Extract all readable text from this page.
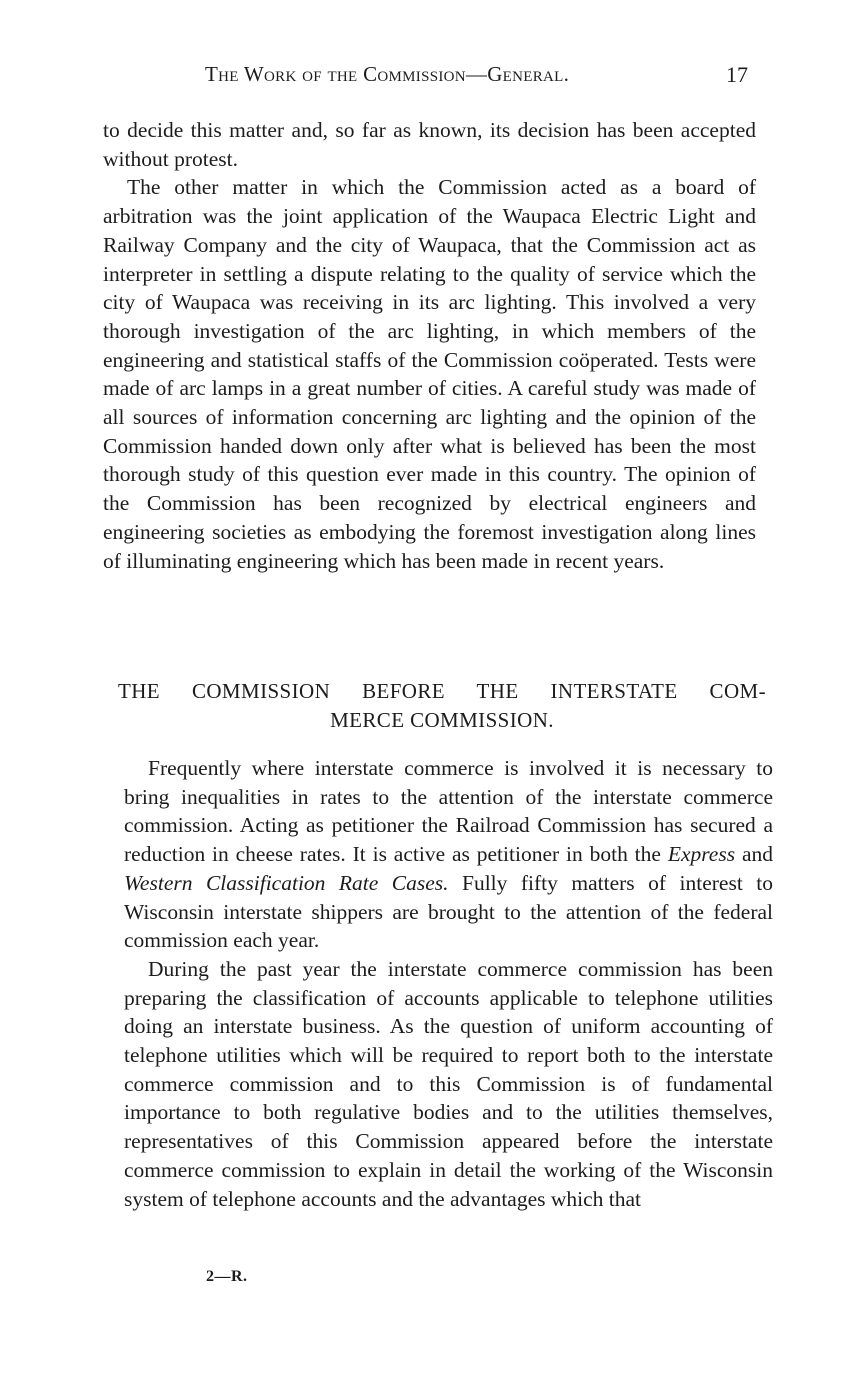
The Work of the Commission—General.	17

to decide this matter and, so far as known, its decision has been accepted without protest.

The other matter in which the Commission acted as a board of arbitration was the joint application of the Waupaca Electric Light and Railway Company and the city of Waupaca, that the Commission act as interpreter in settling a dispute relating to the quality of service which the city of Waupaca was receiving in its arc lighting. This involved a very thorough investigation of the arc lighting, in which members of the engineering and statistical staffs of the Commission coöperated. Tests were made of arc lamps in a great number of cities. A careful study was made of all sources of information concerning arc lighting and the opinion of the Commission handed down only after what is believed has been the most thorough study of this question ever made in this country. The opinion of the Commission has been recognized by electrical engineers and engineering societies as embodying the foremost investigation along lines of illuminating engineering which has been made in recent years.

THE COMMISSION BEFORE THE INTERSTATE COM-
MERCE COMMISSION.

Frequently where interstate commerce is involved it is necessary to bring inequalities in rates to the attention of the interstate commerce commission. Acting as petitioner the Railroad Commission has secured a reduction in cheese rates. It is active as petitioner in both the Express and Western Classification Rate Cases. Fully fifty matters of interest to Wisconsin interstate shippers are brought to the attention of the federal commission each year.

During the past year the interstate commerce commission has been preparing the classification of accounts applicable to telephone utilities doing an interstate business. As the question of uniform accounting of telephone utilities which will be required to report both to the interstate commerce commission and to this Commission is of fundamental importance to both regulative bodies and to the utilities themselves, representatives of this Commission appeared before the interstate commerce commission to explain in detail the working of the Wisconsin system of telephone accounts and the advantages which that

2—R.
